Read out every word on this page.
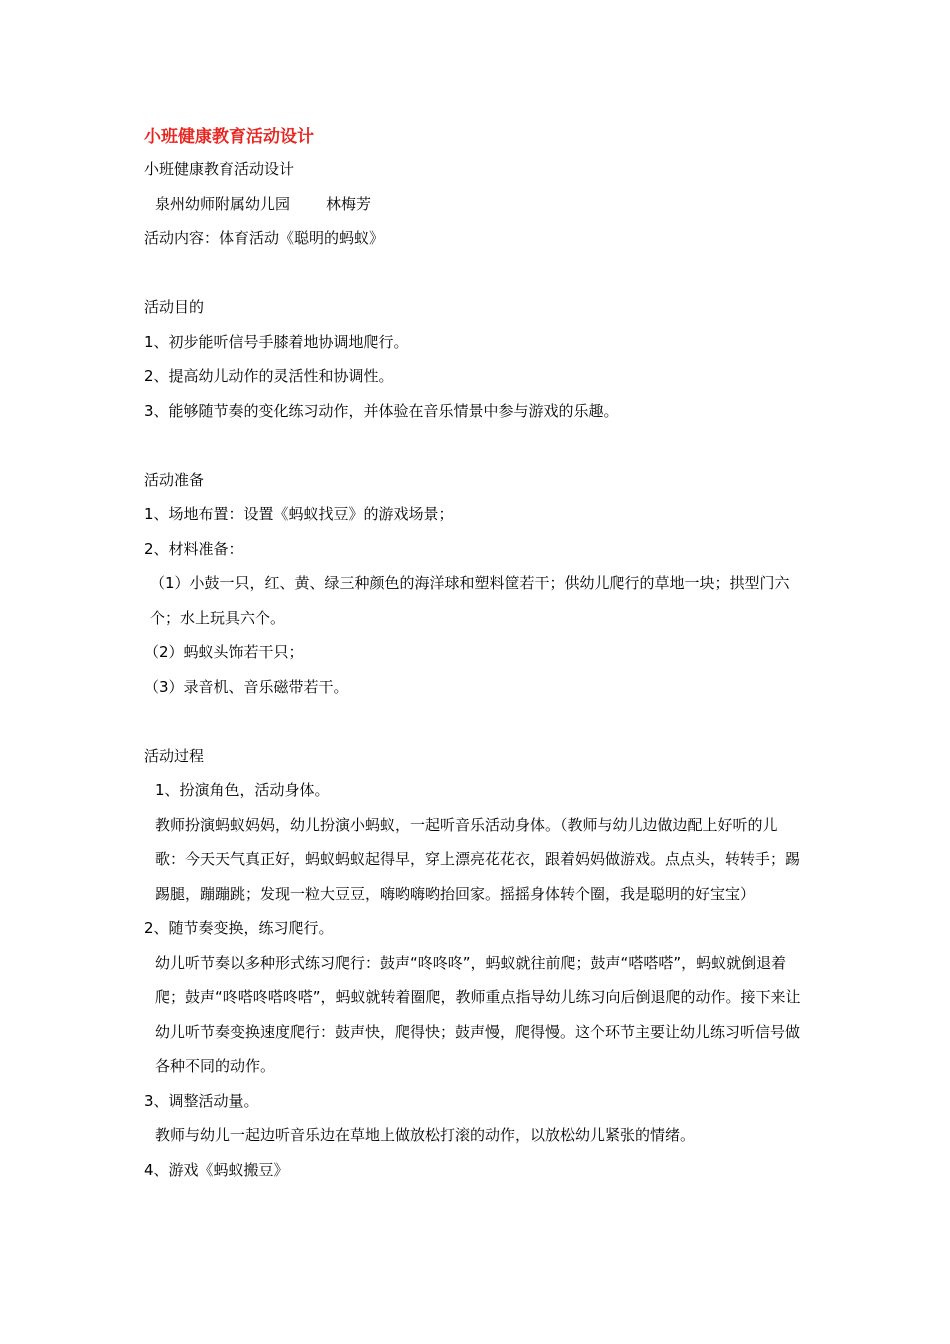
小班健康教育活动设计

小班健康教育活动设计

泉州幼师附属幼儿园 林梅芳

活动内容：体育活动《聪明的蚂蚁》

活动目的

1、初步能听信号手膝着地协调地爬行。

2、提高幼儿动作的灵活性和协调性。

3、能够随节奏的变化练习动作，并体验在音乐情景中参与游戏的乐趣。

活动准备

1、场地布置：设置《蚂蚁找豆》的游戏场景；

2、材料准备：

（1）小鼓一只，红、黄、绿三种颜色的海洋球和塑料筐若干；供幼儿爬行的草地一块；拱型门六个；水上玩具六个。

（2）蚂蚁头饰若干只；

（3）录音机、音乐磁带若干。

活动过程

1、扮演角色，活动身体。

教师扮演蚂蚁妈妈，幼儿扮演小蚂蚁，一起听音乐活动身体。（教师与幼儿边做边配上好听的儿歌：今天天气真正好，蚂蚁蚂蚁起得早，穿上漂亮花花衣，跟着妈妈做游戏。点点头，转转手；踢踢腿，蹦蹦跳；发现一粒大豆豆，嗨哟嗨哟抬回家。摇摇身体转个圈，我是聪明的好宝宝）

2、随节奏变换，练习爬行。

幼儿听节奏以多种形式练习爬行：鼓声“咚咚咚”，蚂蚁就往前爬；鼓声“嗒嗒嗒”，蚂蚁就倒退着爬；鼓声“咚嗒咚嗒咚嗒”，蚂蚁就转着圈爬，教师重点指导幼儿练习向后倒退爬的动作。接下来让幼儿听节奏变换速度爬行：鼓声快，爬得快；鼓声慢，爬得慢。这个环节主要让幼儿练习听信号做各种不同的动作。

3、调整活动量。

教师与幼儿一起边听音乐边在草地上做放松打滚的动作，以放松幼儿紧张的情绪。

4、游戏《蚂蚁搬豆》
